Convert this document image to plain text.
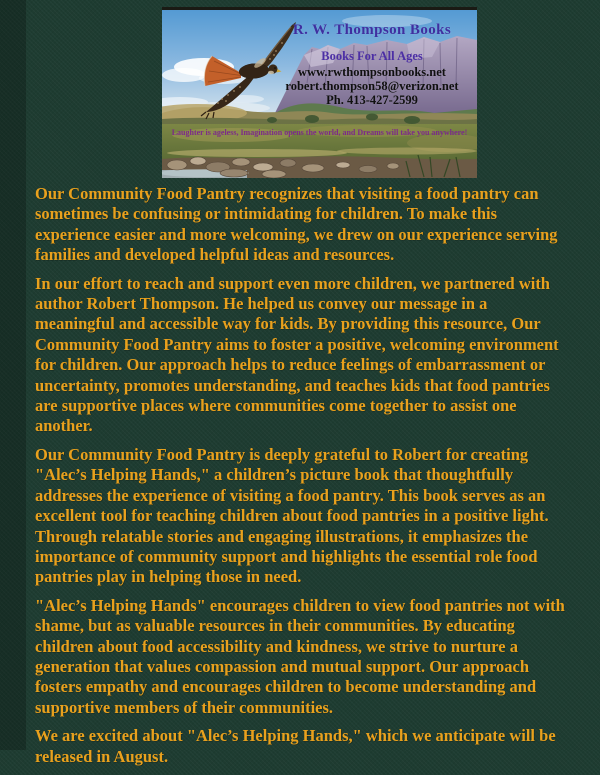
R. W. Thompson Books
Books For All Ages
www.rwthompsonbooks.net
robert.thompson58@verizon.net
Ph. 413-427-2599
Laughter is ageless, Imagination opens the world, and Dreams will take you anywhere!

Our Community Food Pantry recognizes that visiting a food pantry can sometimes be confusing or intimidating for children. To make this experience easier and more welcoming, we drew on our experience serving families and developed helpful ideas and resources.

In our effort to reach and support even more children, we partnered with author Robert Thompson. He helped us convey our message in a meaningful and accessible way for kids. By providing this resource, Our Community Food Pantry aims to foster a positive, welcoming environment for children. Our approach helps to reduce feelings of embarrassment or uncertainty, promotes understanding, and teaches kids that food pantries are supportive places where communities come together to assist one another.

Our Community Food Pantry is deeply grateful to Robert for creating "Alec’s Helping Hands," a children’s picture book that thoughtfully addresses the experience of visiting a food pantry. This book serves as an excellent tool for teaching children about food pantries in a positive light. Through relatable stories and engaging illustrations, it emphasizes the importance of community support and highlights the essential role food pantries play in helping those in need.

"Alec’s Helping Hands" encourages children to view food pantries not with shame, but as valuable resources in their communities. By educating children about food accessibility and kindness, we strive to nurture a generation that values compassion and mutual support. Our approach fosters empathy and encourages children to become understanding and supportive members of their communities.

We are excited about "Alec’s Helping Hands," which we anticipate will be released in August.
